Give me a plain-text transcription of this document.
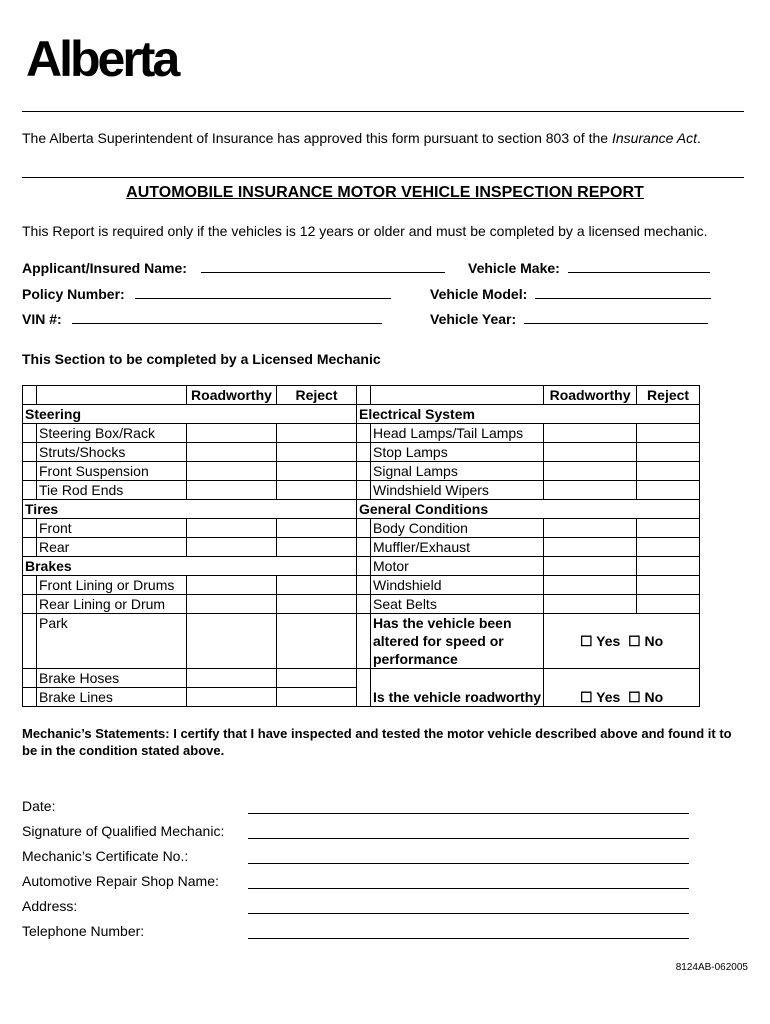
Alberta
The Alberta Superintendent of Insurance has approved this form pursuant to section 803 of the Insurance Act.
AUTOMOBILE INSURANCE MOTOR VEHICLE INSPECTION REPORT
This Report is required only if the vehicles is 12 years or older and must be completed by a licensed mechanic.
Applicant/Insured Name:	Vehicle Make:
Policy Number:	Vehicle Model:
VIN #:	Vehicle Year:
This Section to be completed by a Licensed Mechanic
		Roadworthy	Reject			Roadworthy	Reject
Steering				Electrical System			
	Steering Box/Rack				Head Lamps/Tail Lamps		
	Struts/Shocks				Stop Lamps		
	Front Suspension				Signal Lamps		
	Tie Rod Ends				Windshield Wipers		
Tires				General Conditions			
	Front				Body Condition		
	Rear				Muffler/Exhaust		
Brakes					Motor		
	Front Lining or Drums				Windshield		
	Rear Lining or Drum				Seat Belts		
	Park				Has the vehicle been altered for speed or performance	☐ Yes ☐ No	
	Brake Hoses				Is the vehicle roadworthy	☐ Yes ☐ No	
	Brake Lines						
Mechanic’s Statements: I certify that I have inspected and tested the motor vehicle described above and found it to be in the condition stated above.
Date:
Signature of Qualified Mechanic:
Mechanic’s Certificate No.:
Automotive Repair Shop Name:
Address:
Telephone Number:
8124AB-062005
